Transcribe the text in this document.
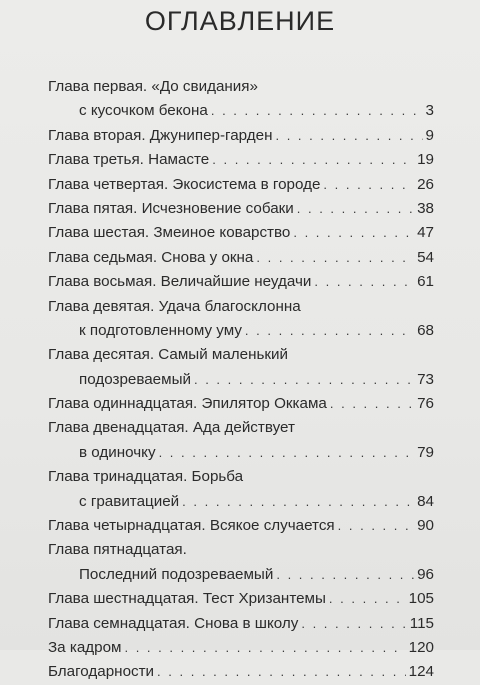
ОГЛАВЛЕНИЕ
Глава первая. «До свидания»
с кусочком бекона . . .	3
Глава вторая. Джунипер-гарден . . .	9
Глава третья. Намасте . . .	19
Глава четвертая. Экосистема в городе . . .	26
Глава пятая. Исчезновение собаки . . .	38
Глава шестая. Змеиное коварство . . .	47
Глава седьмая. Снова у окна . . .	54
Глава восьмая. Величайшие неудачи . . .	61
Глава девятая. Удача благосклонна
к подготовленному уму . . .	68
Глава десятая. Самый маленький
подозреваемый . . .	73
Глава одиннадцатая. Эпилятор Оккама . . .	76
Глава двенадцатая. Ада действует
в одиночку . . .	79
Глава тринадцатая. Борьба
с гравитацией . . .	84
Глава четырнадцатая. Всякое случается . . .	90
Глава пятнадцатая.
Последний подозреваемый . . .	96
Глава шестнадцатая. Тест Хризантемы . . .	105
Глава семнадцатая. Снова в школу . . .	115
За кадром . . .	120
Благодарности . . .	124
